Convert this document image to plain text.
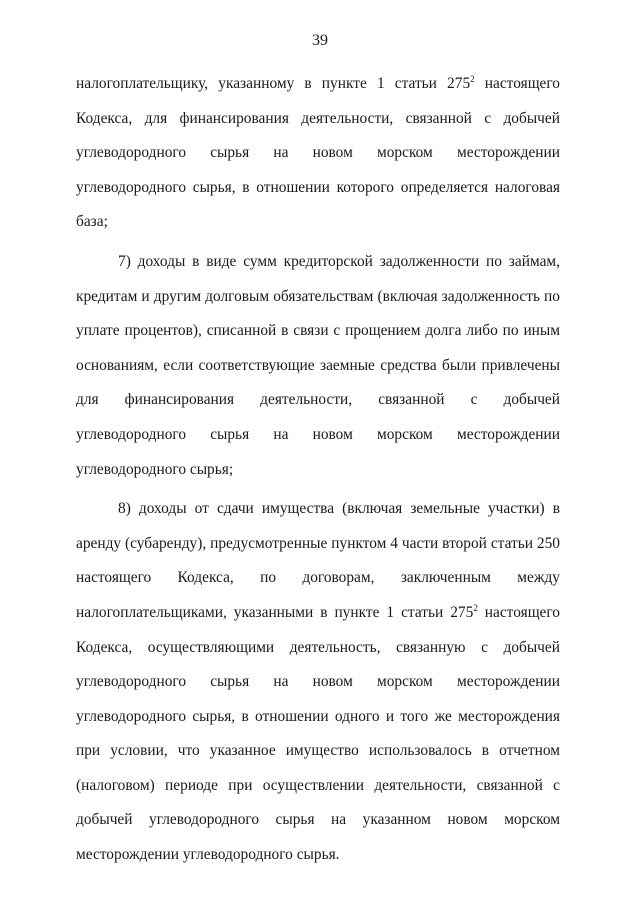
39

налогоплательщику, указанному в пункте 1 статьи $275^2$ настоящего Кодекса, для финансирования деятельности, связанной с добычей углеводородного сырья на новом морском месторождении углеводородного сырья, в отношении которого определяется налоговая база;

7) доходы в виде сумм кредиторской задолженности по займам, кредитам и другим долговым обязательствам (включая задолженность по уплате процентов), списанной в связи с прощением долга либо по иным основаниям, если соответствующие заемные средства были привлечены для финансирования деятельности, связанной с добычей углеводородного сырья на новом морском месторождении углеводородного сырья;

8) доходы от сдачи имущества (включая земельные участки) в аренду (субаренду), предусмотренные пунктом 4 части второй статьи 250 настоящего Кодекса, по договорам, заключенным между налогоплательщиками, указанными в пункте 1 статьи $275^2$ настоящего Кодекса, осуществляющими деятельность, связанную с добычей углеводородного сырья на новом морском месторождении углеводородного сырья, в отношении одного и того же месторождения при условии, что указанное имущество использовалось в отчетном (налоговом) периоде при осуществлении деятельности, связанной с добычей углеводородного сырья на указанном новом морском месторождении углеводородного сырья.
